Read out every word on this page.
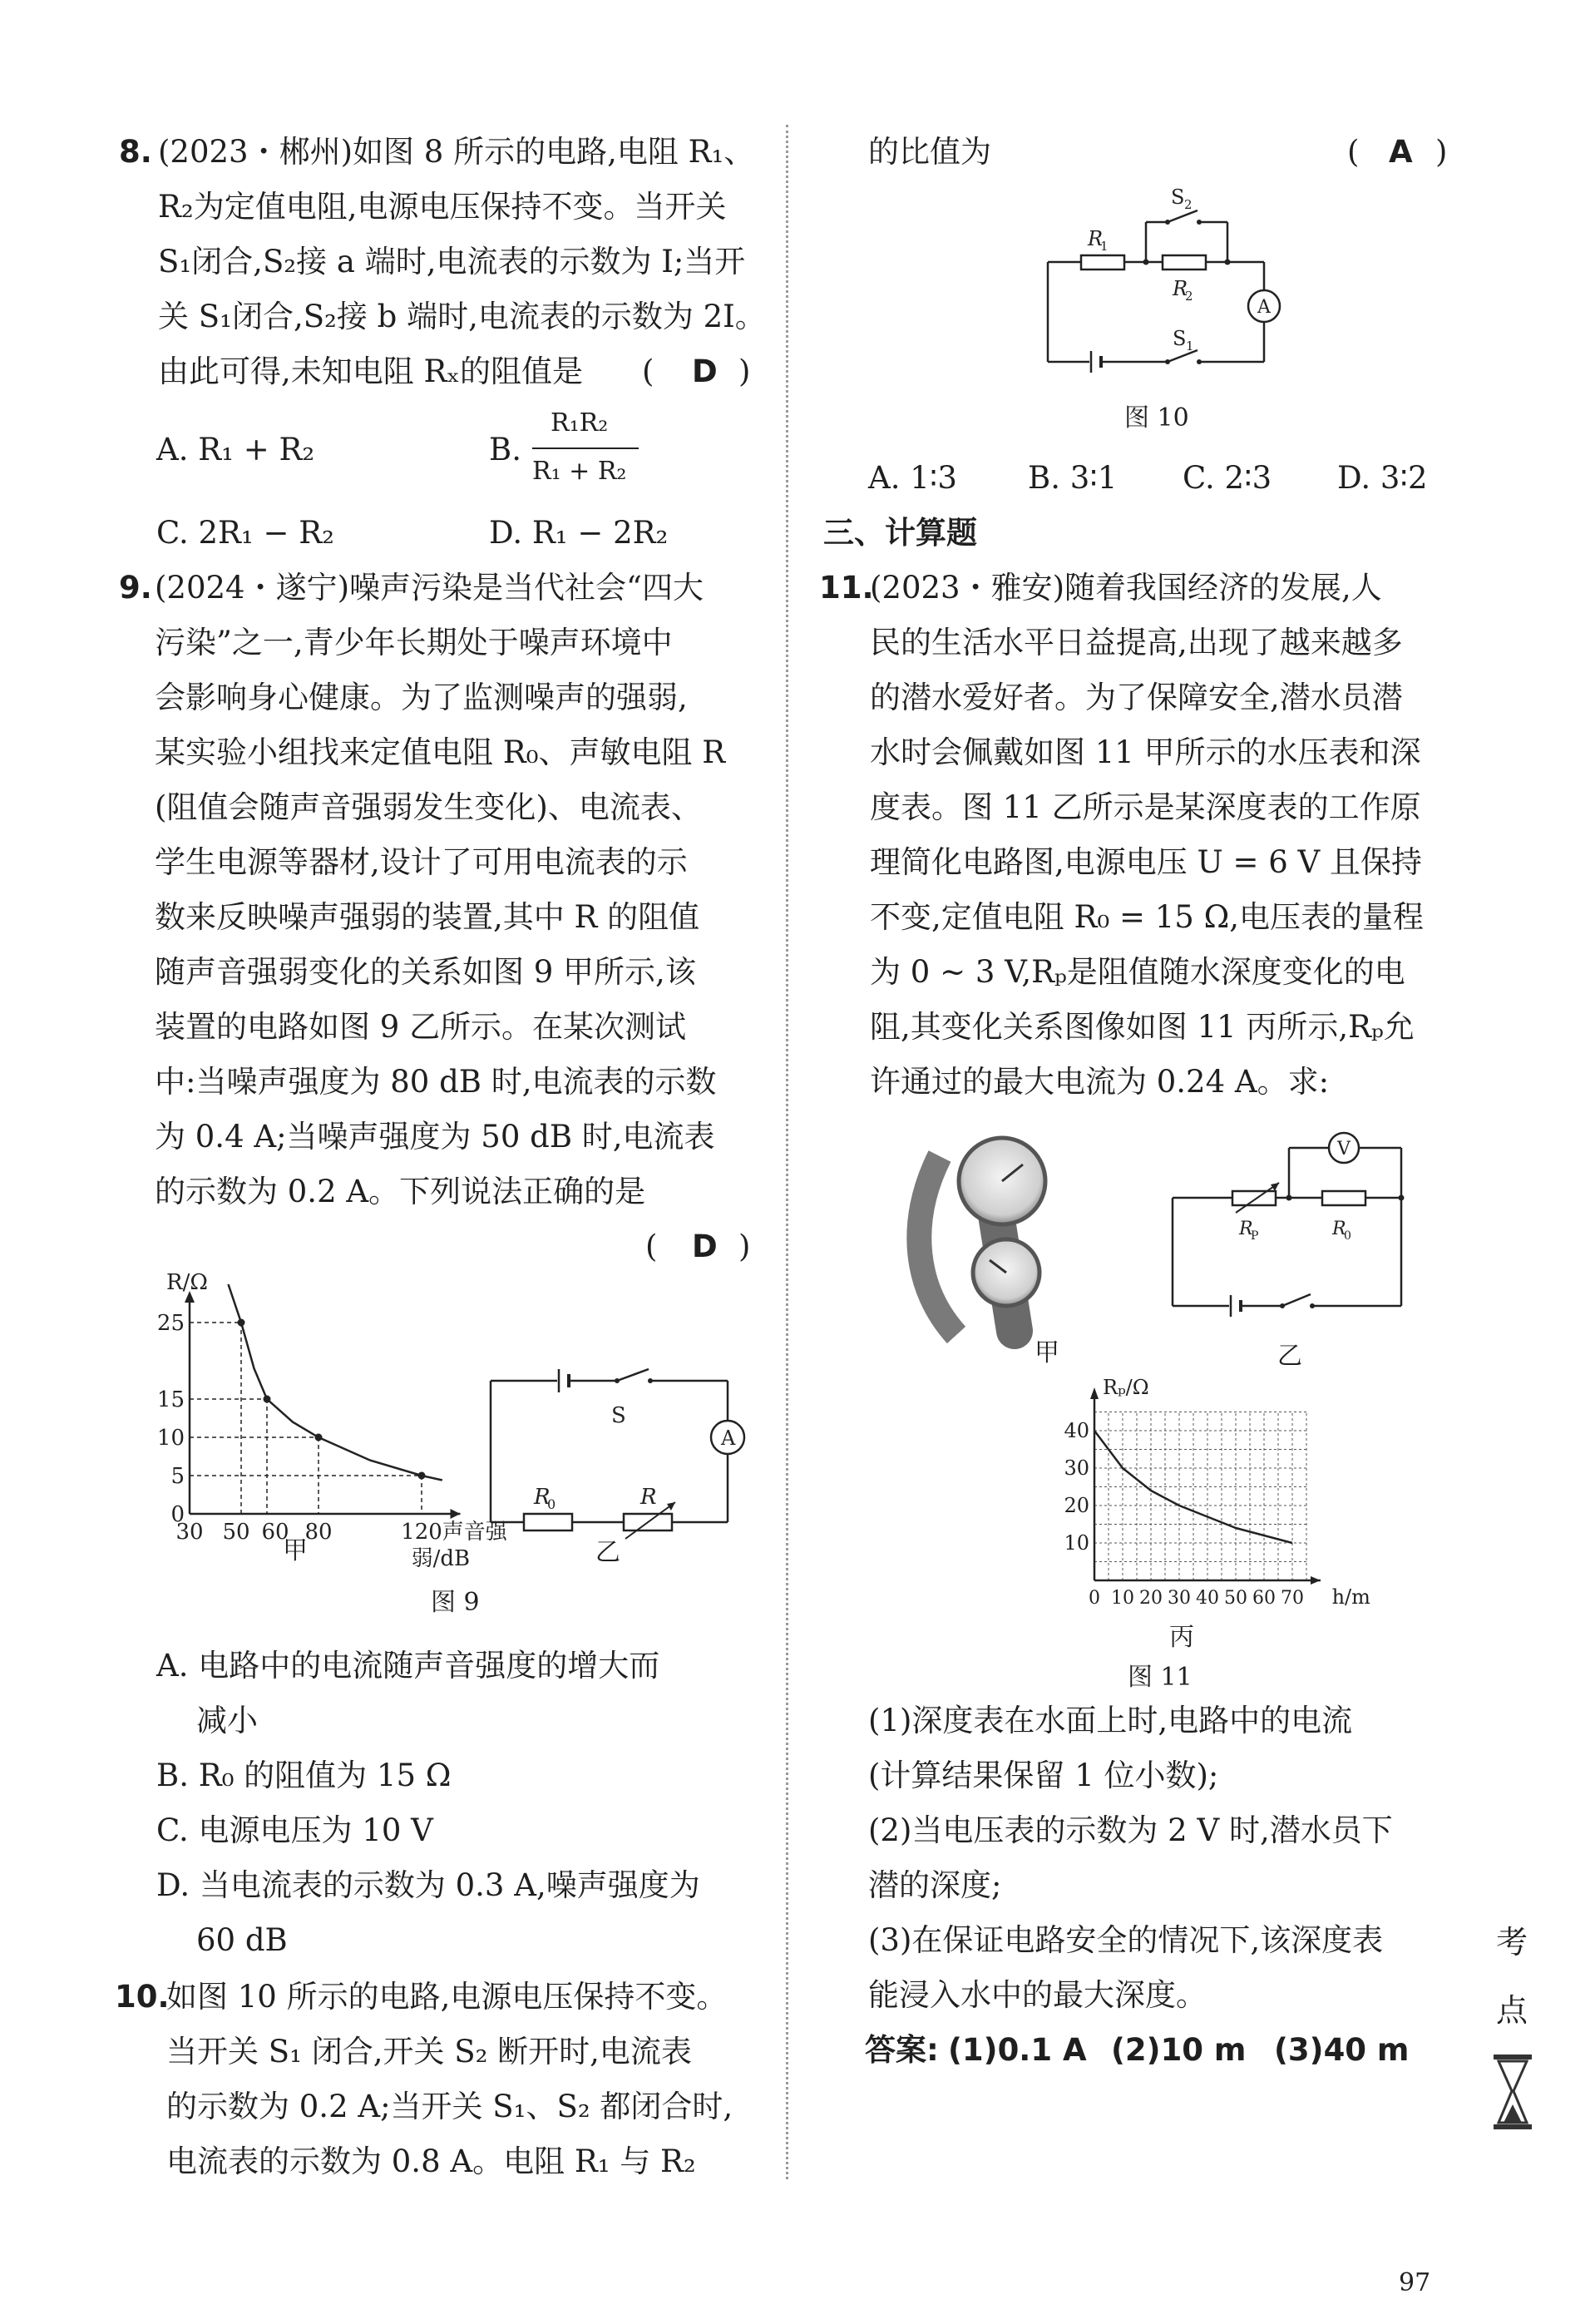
8. (2023・郴州)如图 8 所示的电路,电阻 R₁、
R₂为定值电阻,电源电压保持不变。当开关
S₁闭合,S₂接 a 端时,电流表的示数为 I;当开
关 S₁闭合,S₂接 b 端时,电流表的示数为 2I。
由此可得,未知电阻 Rₓ的阻值是 ( D )
A. R₁ + R₂	B.
R₁R₂
R₁ + R₂
C. 2R₁ − R₂	D. R₁ − 2R₂
9. (2024・遂宁)噪声污染是当代社会“四大
污染”之一,青少年长期处于噪声环境中
会影响身心健康。为了监测噪声的强弱,
某实验小组找来定值电阻 R₀、声敏电阻 R
(阻值会随声音强弱发生变化)、电流表、
学生电源等器材,设计了可用电流表的示
数来反映噪声强弱的装置,其中 R 的阻值
随声音强弱变化的关系如图 9 甲所示,该
装置的电路如图 9 乙所示。在某次测试
中:当噪声强度为 80 dB 时,电流表的示数
为 0.4 A;当噪声强度为 50 dB 时,电流表
的示数为 0.2 A。下列说法正确的是
( D )
R/Ω
0
5
10
15
25
30 50 60 80	120 声音强
弱/dB
甲
S
A
R
0	R
乙
图 9
A. 电路中的电流随声音强度的增大而
减小
B. R₀ 的阻值为 15 Ω
C. 电源电压为 10 V
D. 当电流表的示数为 0.3 A,噪声强度为
60 dB
10.
如图 10 所示的电路,电源电压保持不变。
当开关 S₁ 闭合,开关 S₂ 断开时,电流表
的示数为 0.2 A;当开关 S₁、S₂ 都闭合时,
电流表的示数为 0.8 A。电阻 R₁ 与 R₂
的比值为	( A )
A
R
1
R
2
S 2
S 1
图 10
A. 1∶3 B. 3∶1 C. 2∶3 D. 3∶2
三、计算题
11.
(2023・雅安)随着我国经济的发展,人
民的生活水平日益提高,出现了越来越多
的潜水爱好者。为了保障安全,潜水员潜
水时会佩戴如图 11 甲所示的水压表和深
度表。图 11 乙所示是某深度表的工作原
理简化电路图,电源电压 U = 6 V 且保持
不变,定值电阻 R₀ = 15 Ω,电压表的量程
为 0 ~ 3 V,Rₚ是阻值随水深度变化的电
阻,其变化关系图像如图 11 丙所示,Rₚ允
许通过的最大电流为 0.24 A。求:
甲
V
R
P	R
0
乙
Rₚ/Ω
10
20
30
40
0 10 20 30 40 50 60 70 h/m
丙
图 11
(1)深度表在水面上时,电路中的电流
(计算结果保留 1 位小数);
(2)当电压表的示数为 2 V 时,潜水员下
潜的深度;
(3)在保证电路安全的情况下,该深度表
能浸入水中的最大深度。
答案: (1)0.1 A (2)10 m (3)40 m
考
点
97
